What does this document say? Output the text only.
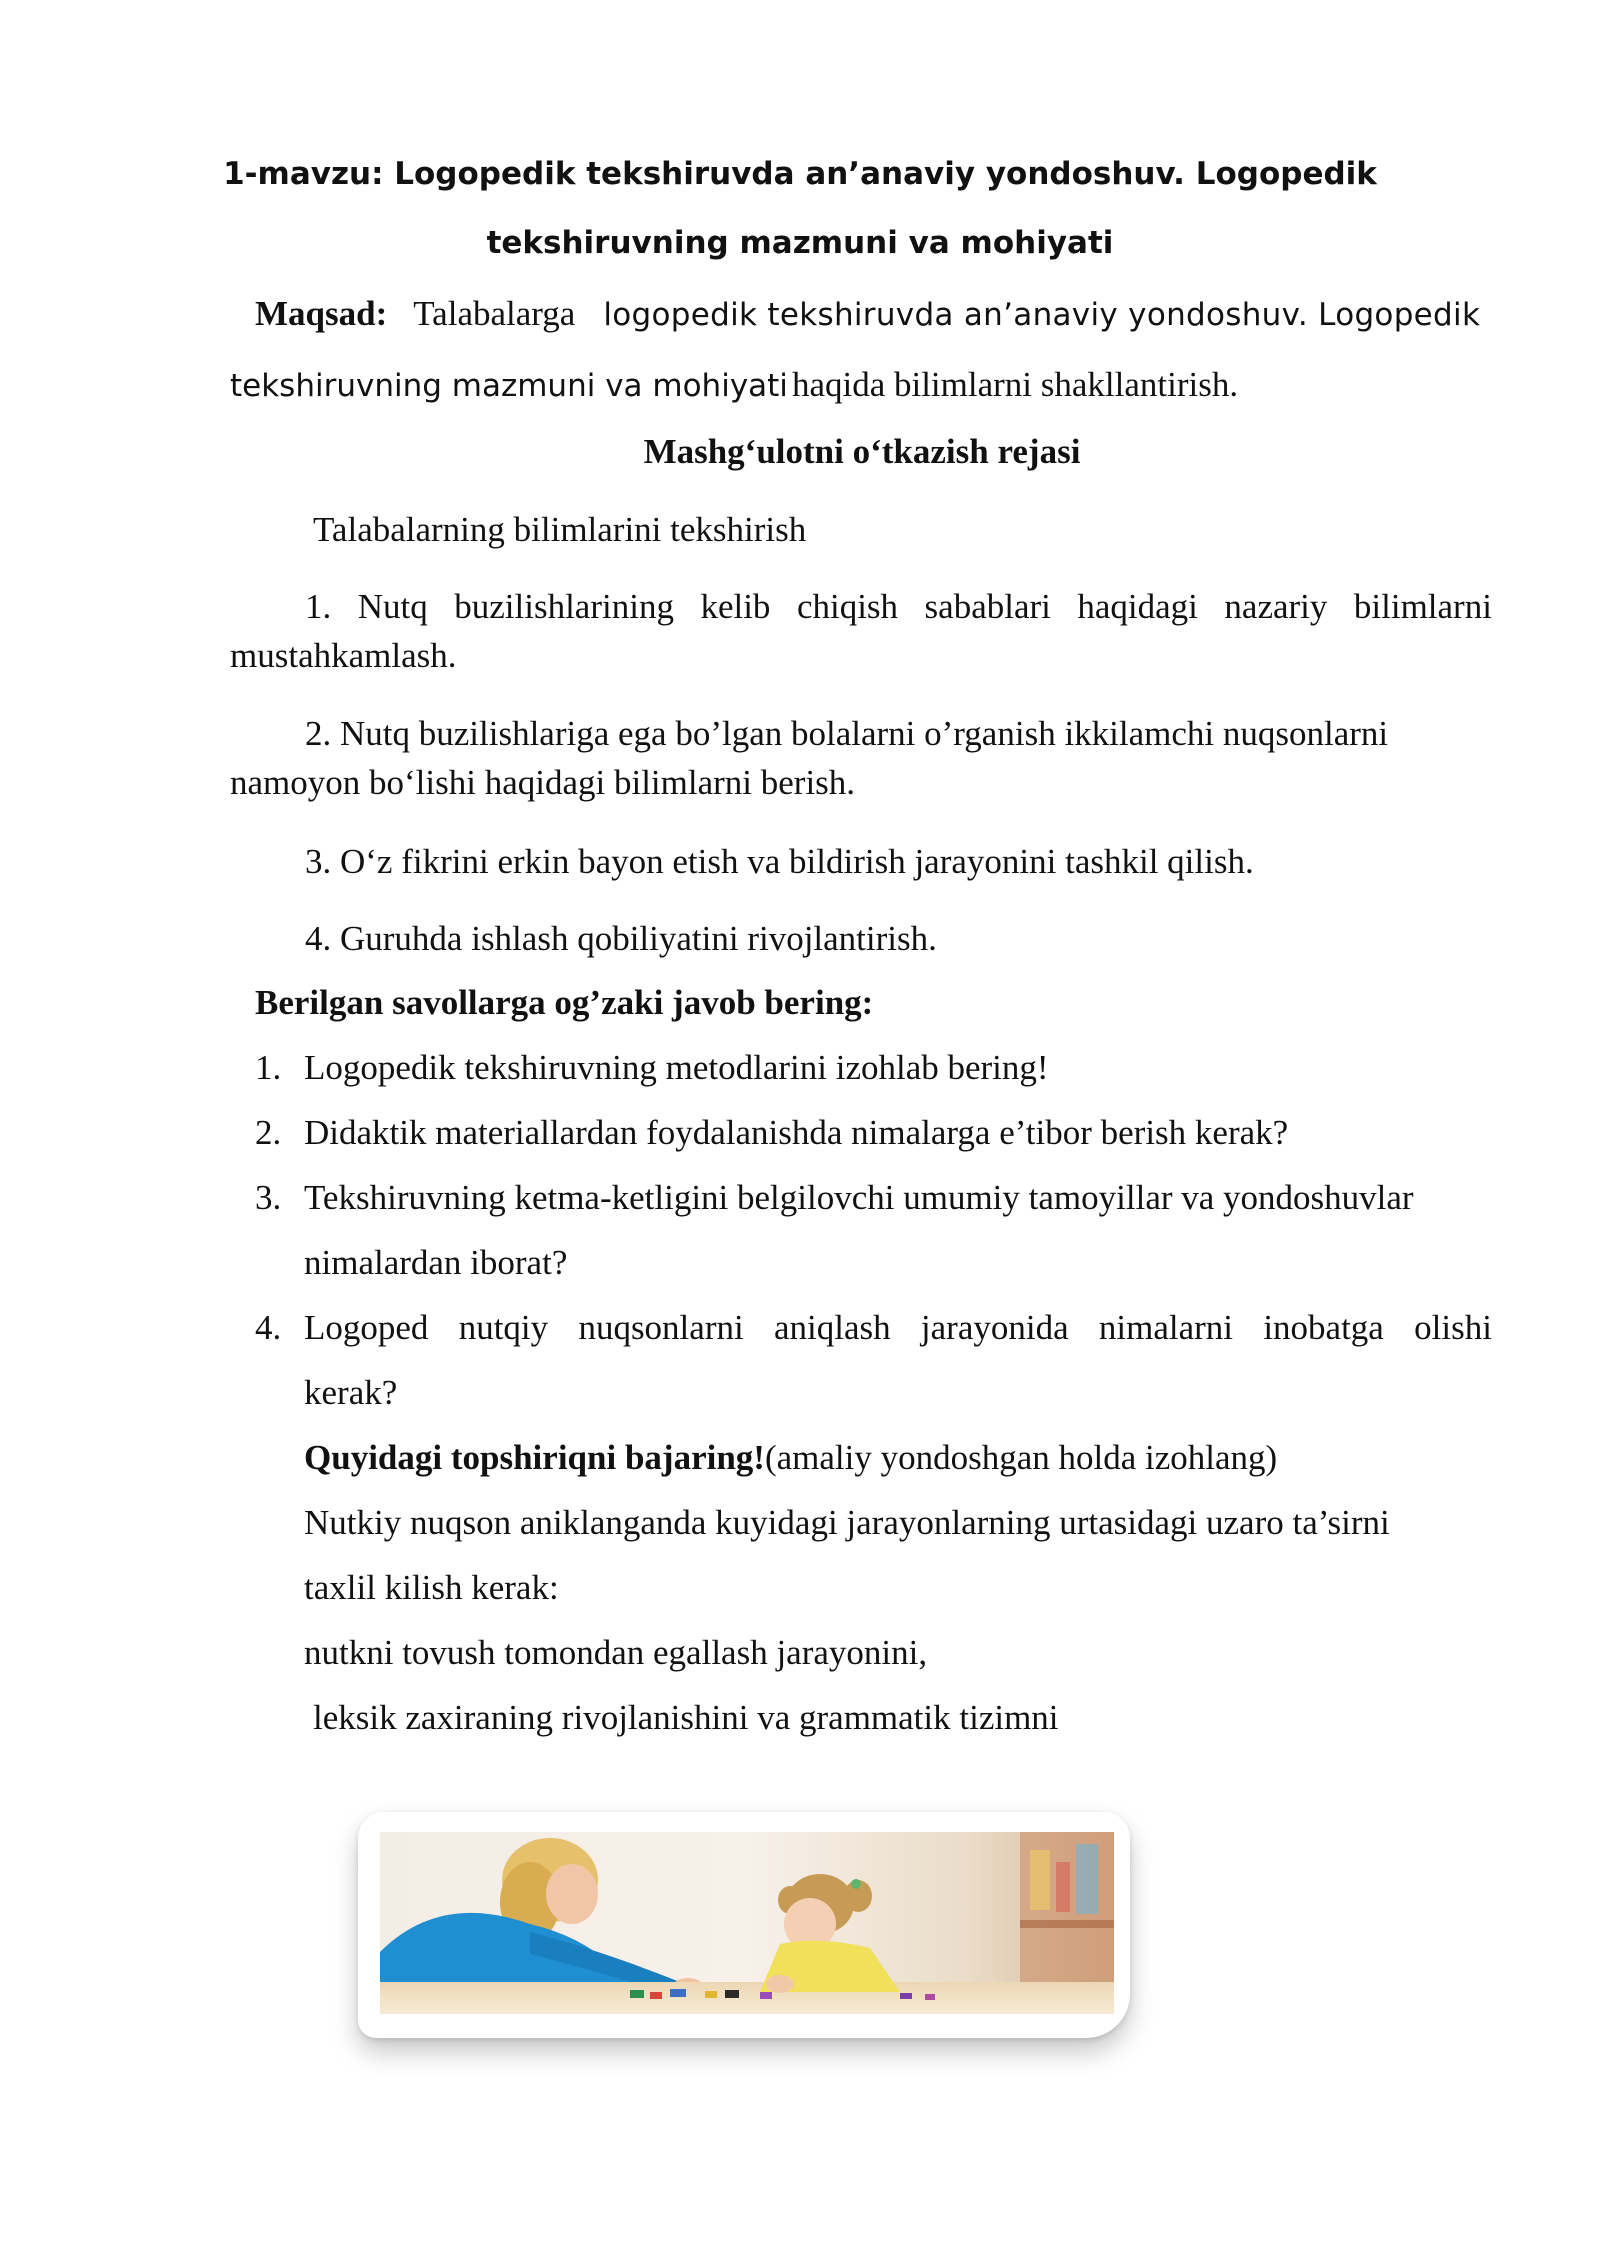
1-mavzu: Logopedik tekshiruvda an’anaviy yondoshuv. Logopedik
tekshiruvning mazmuni va mohiyati
Maqsad: Talabalarga logopedik tekshiruvda an’anaviy yondoshuv. Logopedik
tekshiruvning mazmuni va mohiyati haqida bilimlarni shakllantirish.
Mashg‘ulotni o‘tkazish rejasi
Talabalarning bilimlarini tekshirish
1. Nutq buzilishlarining kelib chiqish sabablari haqidagi nazariy bilimlarni
mustahkamlash.
2. Nutq buzilishlariga ega bo’lgan bolalarni o’rganish ikkilamchi nuqsonlarni
namoyon bo‘lishi haqidagi bilimlarni berish.
3. O‘z fikrini erkin bayon etish va bildirish jarayonini tashkil qilish.
4. Guruhda ishlash qobiliyatini rivojlantirish.
Berilgan savollarga og’zaki javob bering:
1. Logopedik tekshiruvning metodlarini izohlab bering!
2. Didaktik materiallardan foydalanishda nimalarga e’tibor berish kerak?
3. Tekshiruvning ketma-ketligini belgilovchi umumiy tamoyillar va yondoshuvlar
nimalardan iborat?
4. Logoped nutqiy nuqsonlarni aniqlash jarayonida nimalarni inobatga olishi
kerak?
Quyidagi topshiriqni bajaring!(amaliy yondoshgan holda izohlang)
Nutkiy nuqson aniklanganda kuyidagi jarayonlarning urtasidagi uzaro ta’sirni
taxlil kilish kerak:
nutkni tovush tomondan egallash jarayonini,
leksik zaxiraning rivojlanishini va grammatik tizimni
